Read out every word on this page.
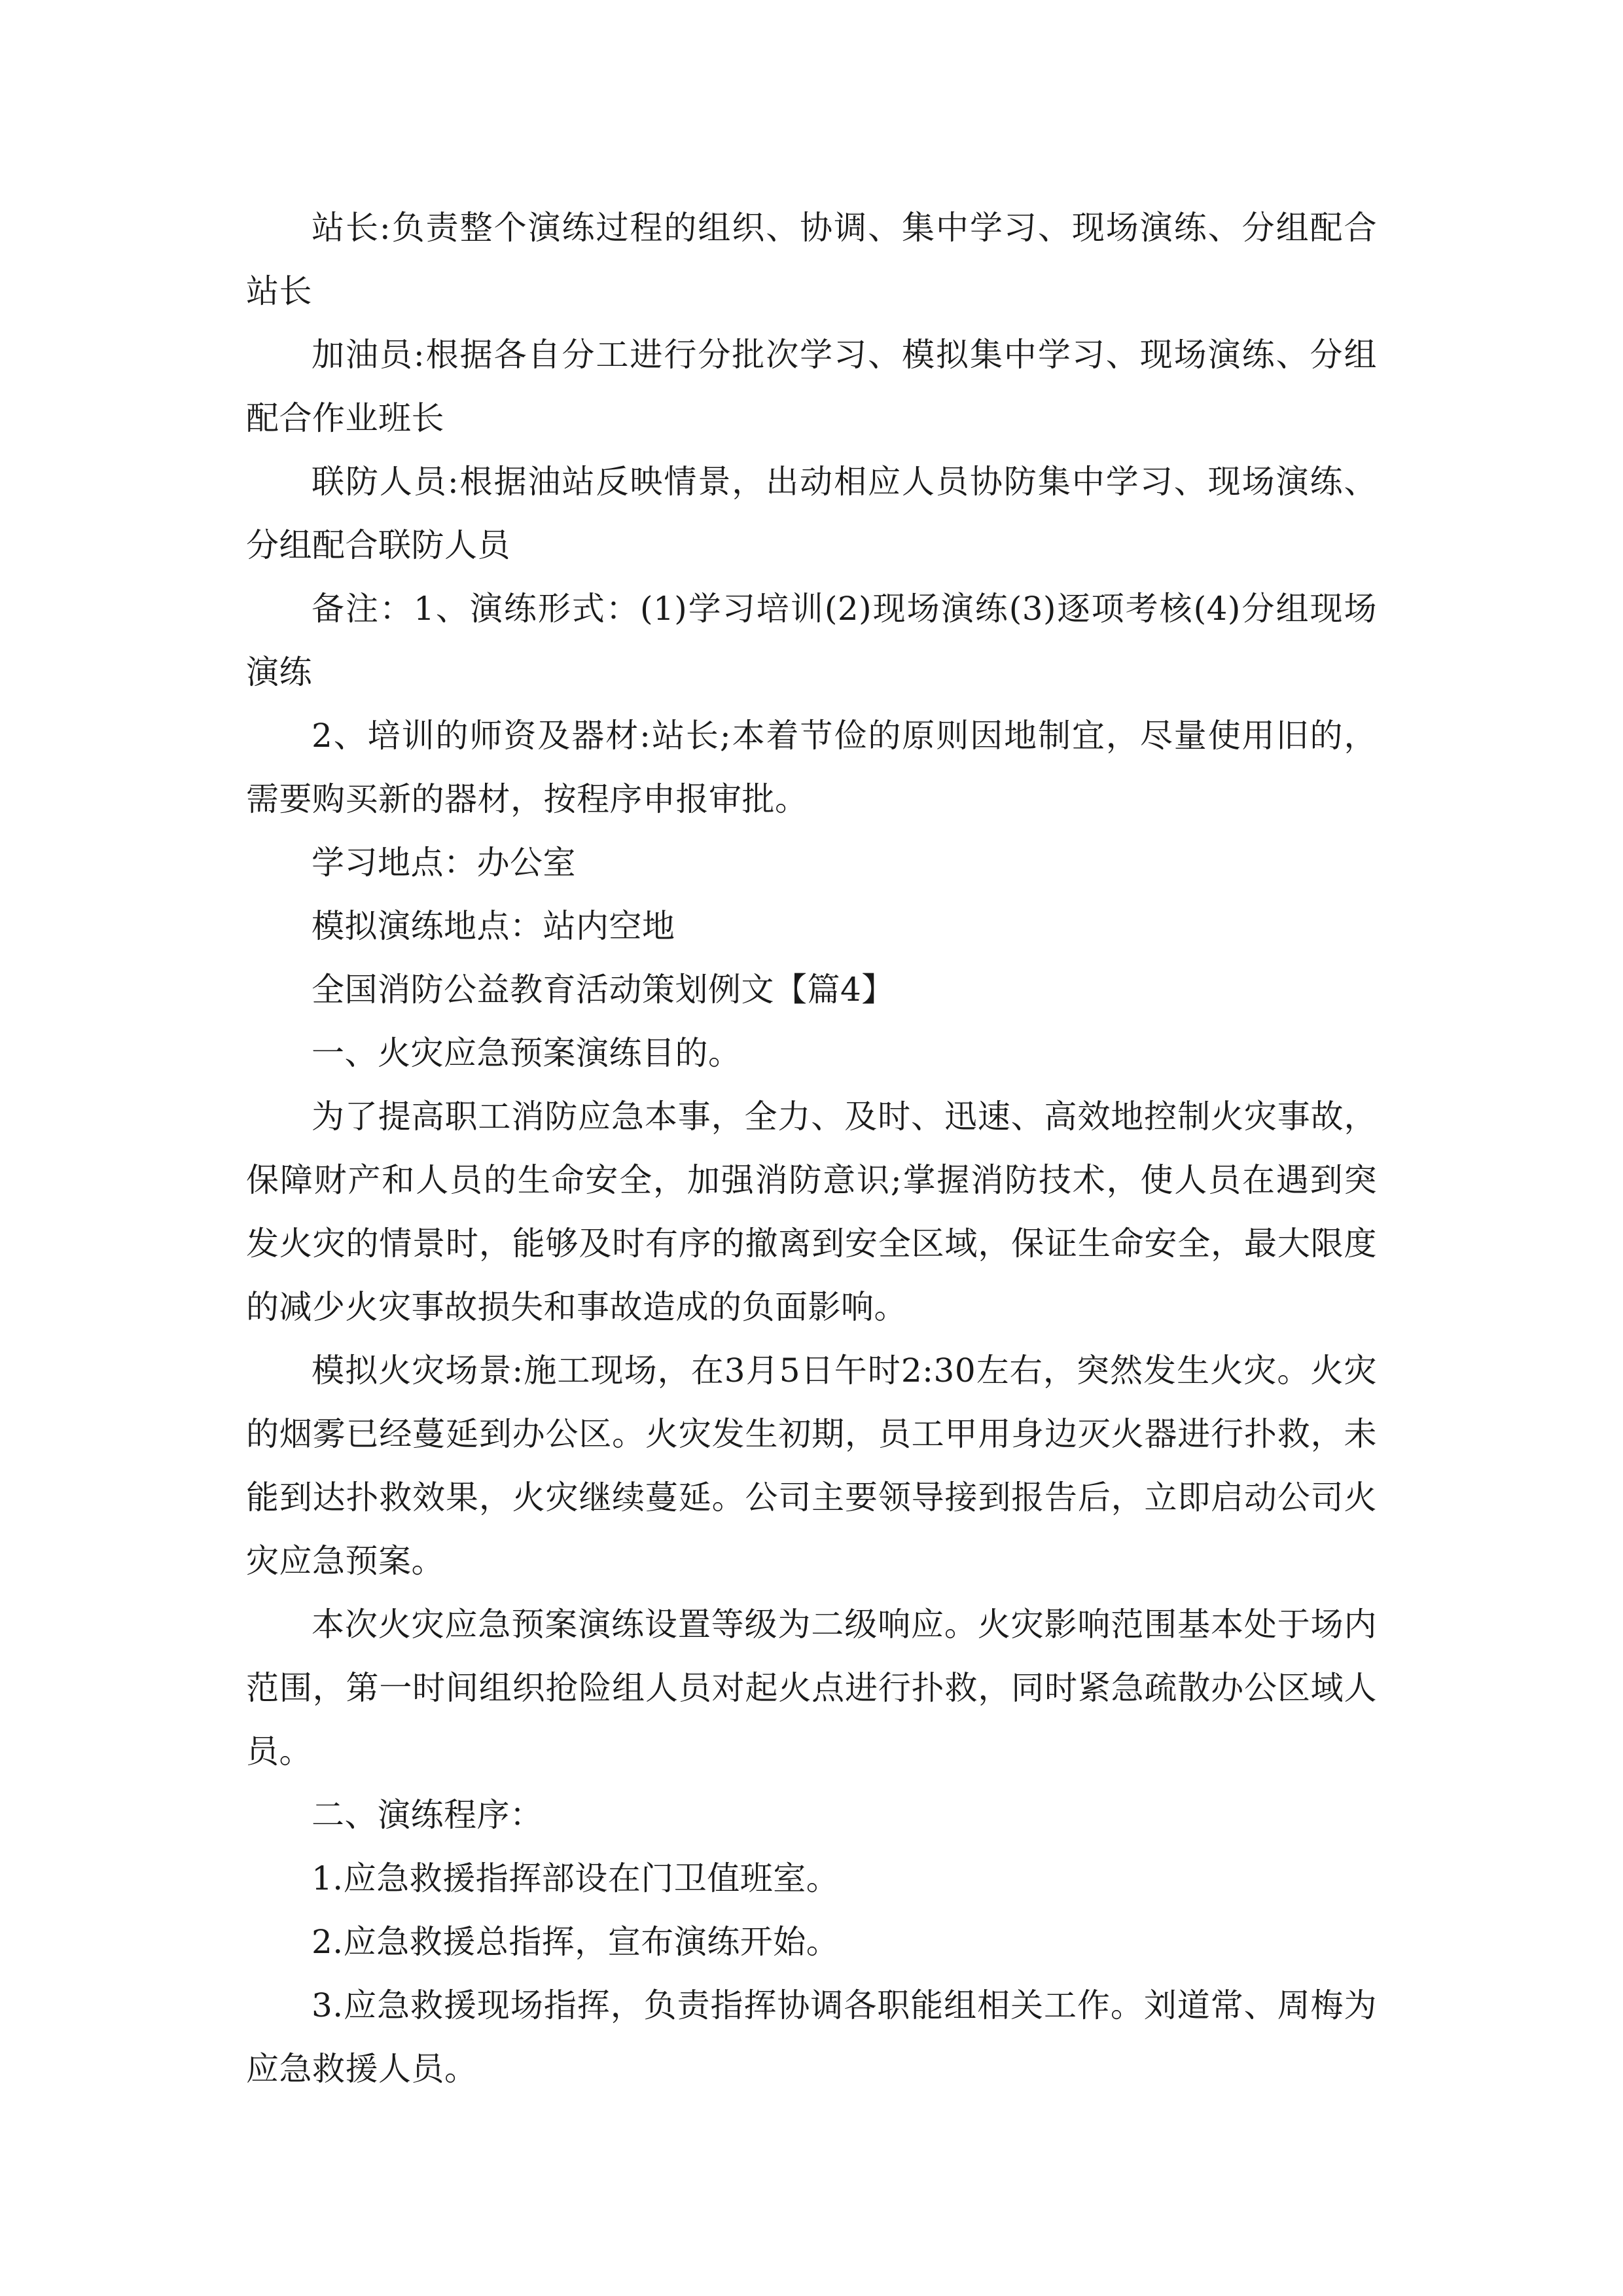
站长:负责整个演练过程的组织、协调、集中学习、现场演练、分组配合站长

加油员:根据各自分工进行分批次学习、模拟集中学习、现场演练、分组配合作业班长

联防人员:根据油站反映情景，出动相应人员协防集中学习、现场演练、分组配合联防人员

备注：1、演练形式：(1)学习培训(2)现场演练(3)逐项考核(4)分组现场演练

2、培训的师资及器材:站长;本着节俭的原则因地制宜，尽量使用旧的，需要购买新的器材，按程序申报审批。

学习地点：办公室

模拟演练地点：站内空地

全国消防公益教育活动策划例文【篇4】

一、火灾应急预案演练目的。

为了提高职工消防应急本事，全力、及时、迅速、高效地控制火灾事故，保障财产和人员的生命安全，加强消防意识;掌握消防技术，使人员在遇到突发火灾的情景时，能够及时有序的撤离到安全区域，保证生命安全，最大限度的减少火灾事故损失和事故造成的负面影响。

模拟火灾场景:施工现场，在3月5日午时2:30左右，突然发生火灾。火灾的烟雾已经蔓延到办公区。火灾发生初期，员工甲用身边灭火器进行扑救，未能到达扑救效果，火灾继续蔓延。公司主要领导接到报告后，立即启动公司火灾应急预案。

本次火灾应急预案演练设置等级为二级响应。火灾影响范围基本处于场内范围，第一时间组织抢险组人员对起火点进行扑救，同时紧急疏散办公区域人员。

二、演练程序：

1.应急救援指挥部设在门卫值班室。

2.应急救援总指挥，宣布演练开始。

3.应急救援现场指挥，负责指挥协调各职能组相关工作。刘道常、周梅为应急救援人员。
